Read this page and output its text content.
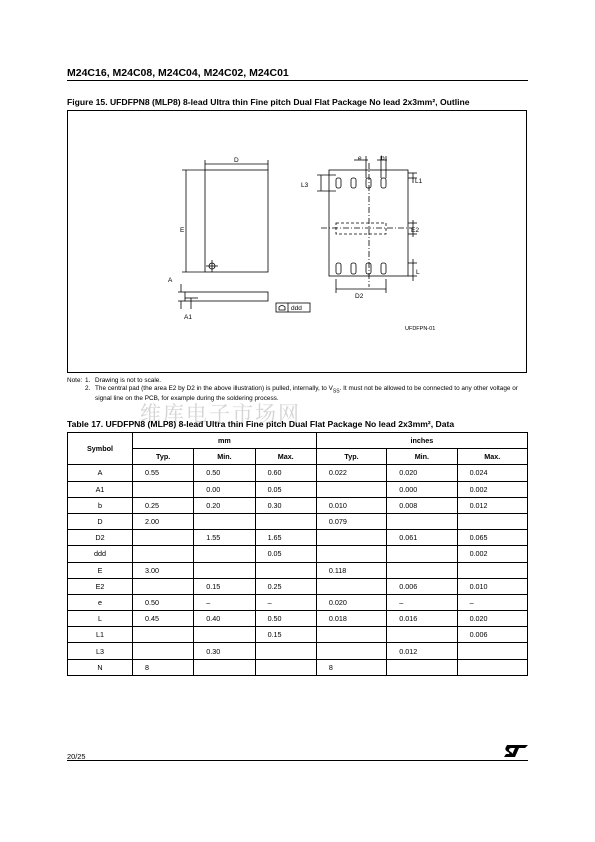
M24C16, M24C08, M24C04, M24C02, M24C01
Figure 15. UFDFPN8 (MLP8) 8-lead Ultra thin Fine pitch Dual Flat Package No lead 2x3mm², Outline
D
E
A
A1
ddd
e	b
L3
L1
E2
L
D2
UFDFPN-01
Note: 1. Drawing is not to scale.
2. The central pad (the area E2 by D2 in the above illustration) is pulled, internally, to $V_{SS}$. It must not be allowed to be connected to any other voltage or signal line on the PCB, for example during the soldering process.
维库电子市场网
Table 17. UFDFPN8 (MLP8) 8-lead Ultra thin Fine pitch Dual Flat Package No lead 2x3mm², Data
Symbol	mm			inches		
	Typ.	Min.	Max.	Typ.	Min.	Max.
A	0.55	0.50	0.60	0.022	0.020	0.024
A1		0.00	0.05		0.000	0.002
b	0.25	0.20	0.30	0.010	0.008	0.012
D	2.00			0.079		
D2		1.55	1.65		0.061	0.065
ddd			0.05			0.002
E	3.00			0.118		
E2		0.15	0.25		0.006	0.010
e	0.50	–	–	0.020	–	–
L	0.45	0.40	0.50	0.018	0.016	0.020
L1			0.15			0.006
L3		0.30			0.012	
N	8			8		
20/25
